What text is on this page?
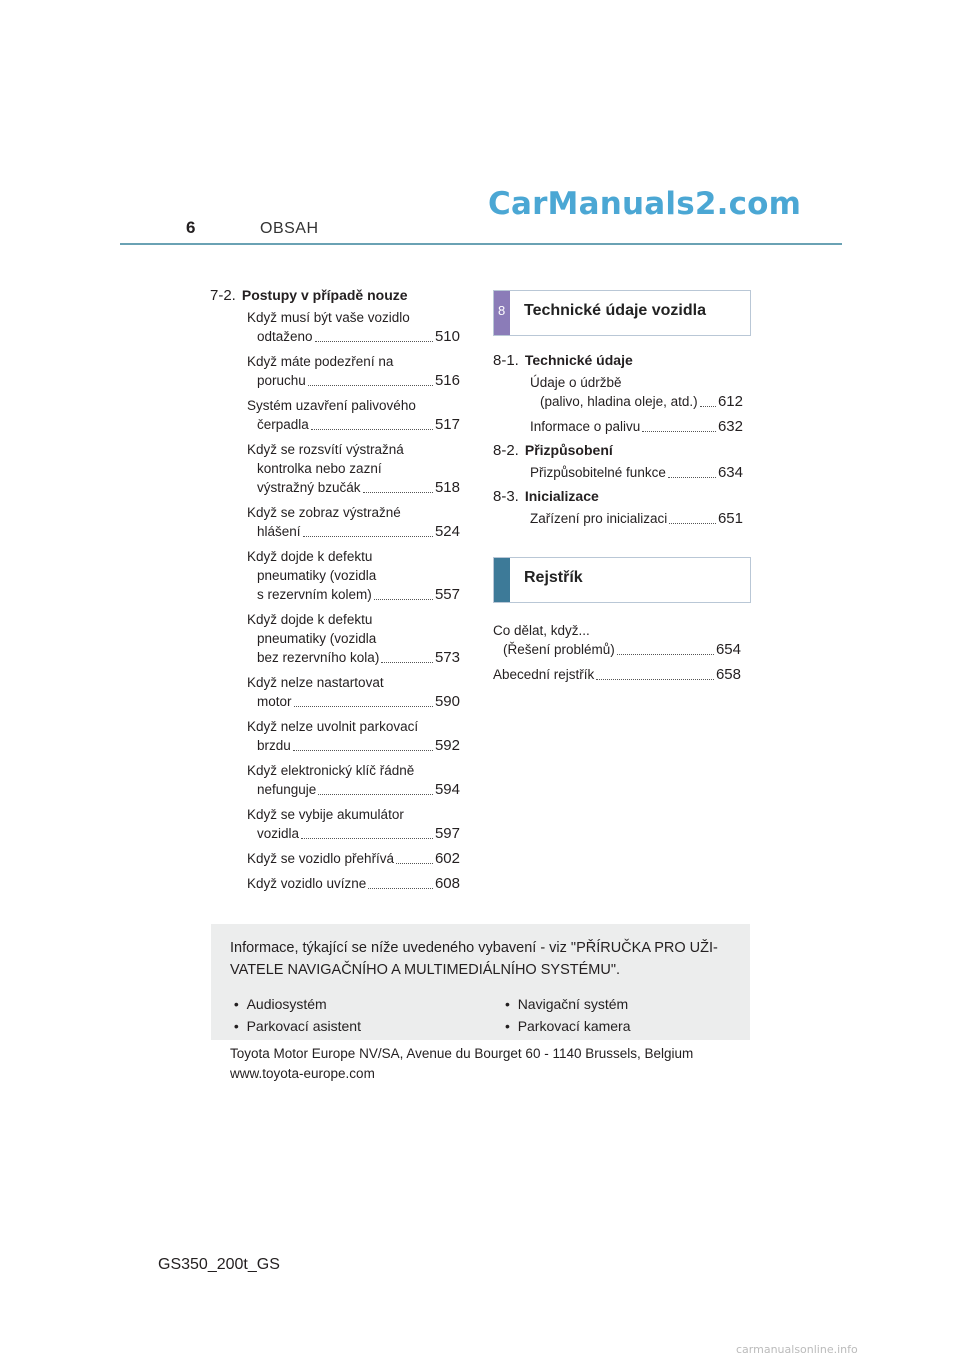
CarManuals2.com
6	OBSAH
7-2. Postupy v případě nouze
Když musí být vaše vozidlo
odtaženo	510
Když máte podezření na
poruchu	516
Systém uzavření palivového
čerpadla	517
Když se rozsvítí výstražná
kontrolka nebo zazní
výstražný bzučák	518
Když se zobraz výstražné
hlášení	524
Když dojde k defektu
pneumatiky (vozidla
s rezervním kolem)	557
Když dojde k defektu
pneumatiky (vozidla
bez rezervního kola)	573
Když nelze nastartovat
motor	590
Když nelze uvolnit parkovací
brzdu	592
Když elektronický klíč řádně
nefunguje	594
Když se vybije akumulátor
vozidla	597
Když se vozidlo přehřívá	602
Když vozidlo uvízne	608
8 Technické údaje vozidla
8-1. Technické údaje
Údaje o údržbě
(palivo, hladina oleje, atd.) 612
Informace o palivu	632
8-2. Přizpůsobení
Přizpůsobitelné funkce	634
8-3. Inicializace
Zařízení pro inicializaci	651
Rejstřík
Co dělat, když...
(Řešení problémů)	654
Abecední rejstřík	658
Informace, týkající se níže uvedeného vybavení - viz "PŘÍRUČKA PRO UŽI-
VATELE NAVIGAČNÍHO A MULTIMEDIÁLNÍHO SYSTÉMU".
•  Audiosystém
•  Parkovací asistent
•  Navigační systém
•  Parkovací kamera
Toyota Motor Europe NV/SA, Avenue du Bourget 60 - 1140 Brussels, Belgium
www.toyota-europe.com
GS350_200t_GS
carmanualsonline.info
